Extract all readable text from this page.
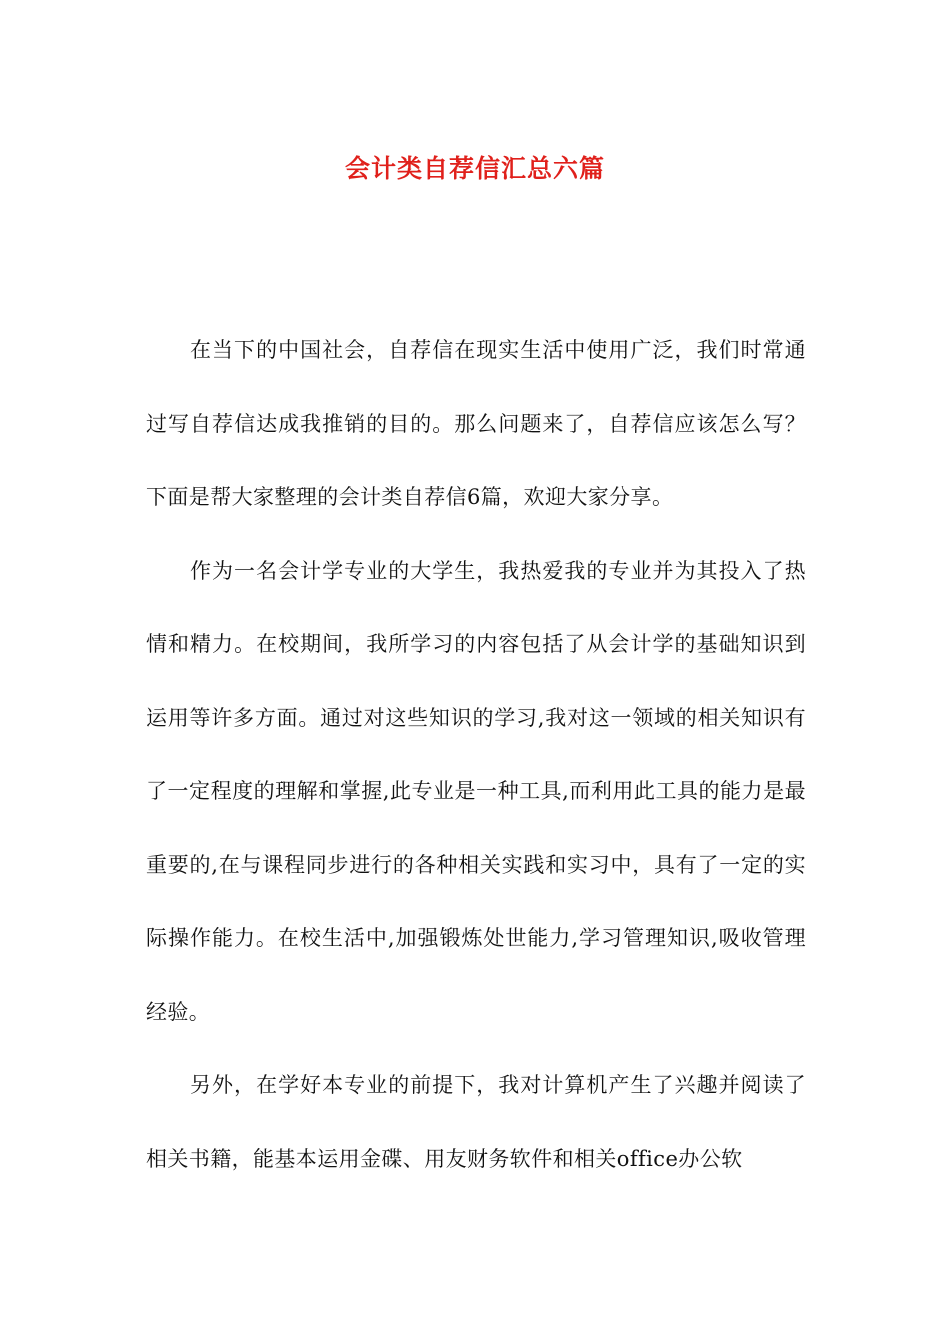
会计类自荐信汇总六篇

在当下的中国社会，自荐信在现实生活中使用广泛，我们时常通过写自荐信达成我推销的目的。那么问题来了，自荐信应该怎么写？下面是帮大家整理的会计类自荐信6篇，欢迎大家分享。

作为一名会计学专业的大学生，我热爱我的专业并为其投入了热情和精力。在校期间，我所学习的内容包括了从会计学的基础知识到运用等许多方面。通过对这些知识的学习,我对这一领域的相关知识有了一定程度的理解和掌握,此专业是一种工具,而利用此工具的能力是最重要的,在与课程同步进行的各种相关实践和实习中，具有了一定的实际操作能力。在校生活中,加强锻炼处世能力,学习管理知识,吸收管理经验。

另外，在学好本专业的前提下，我对计算机产生了兴趣并阅读了相关书籍，能基本运用金碟、用友财务软件和相关office办公软
